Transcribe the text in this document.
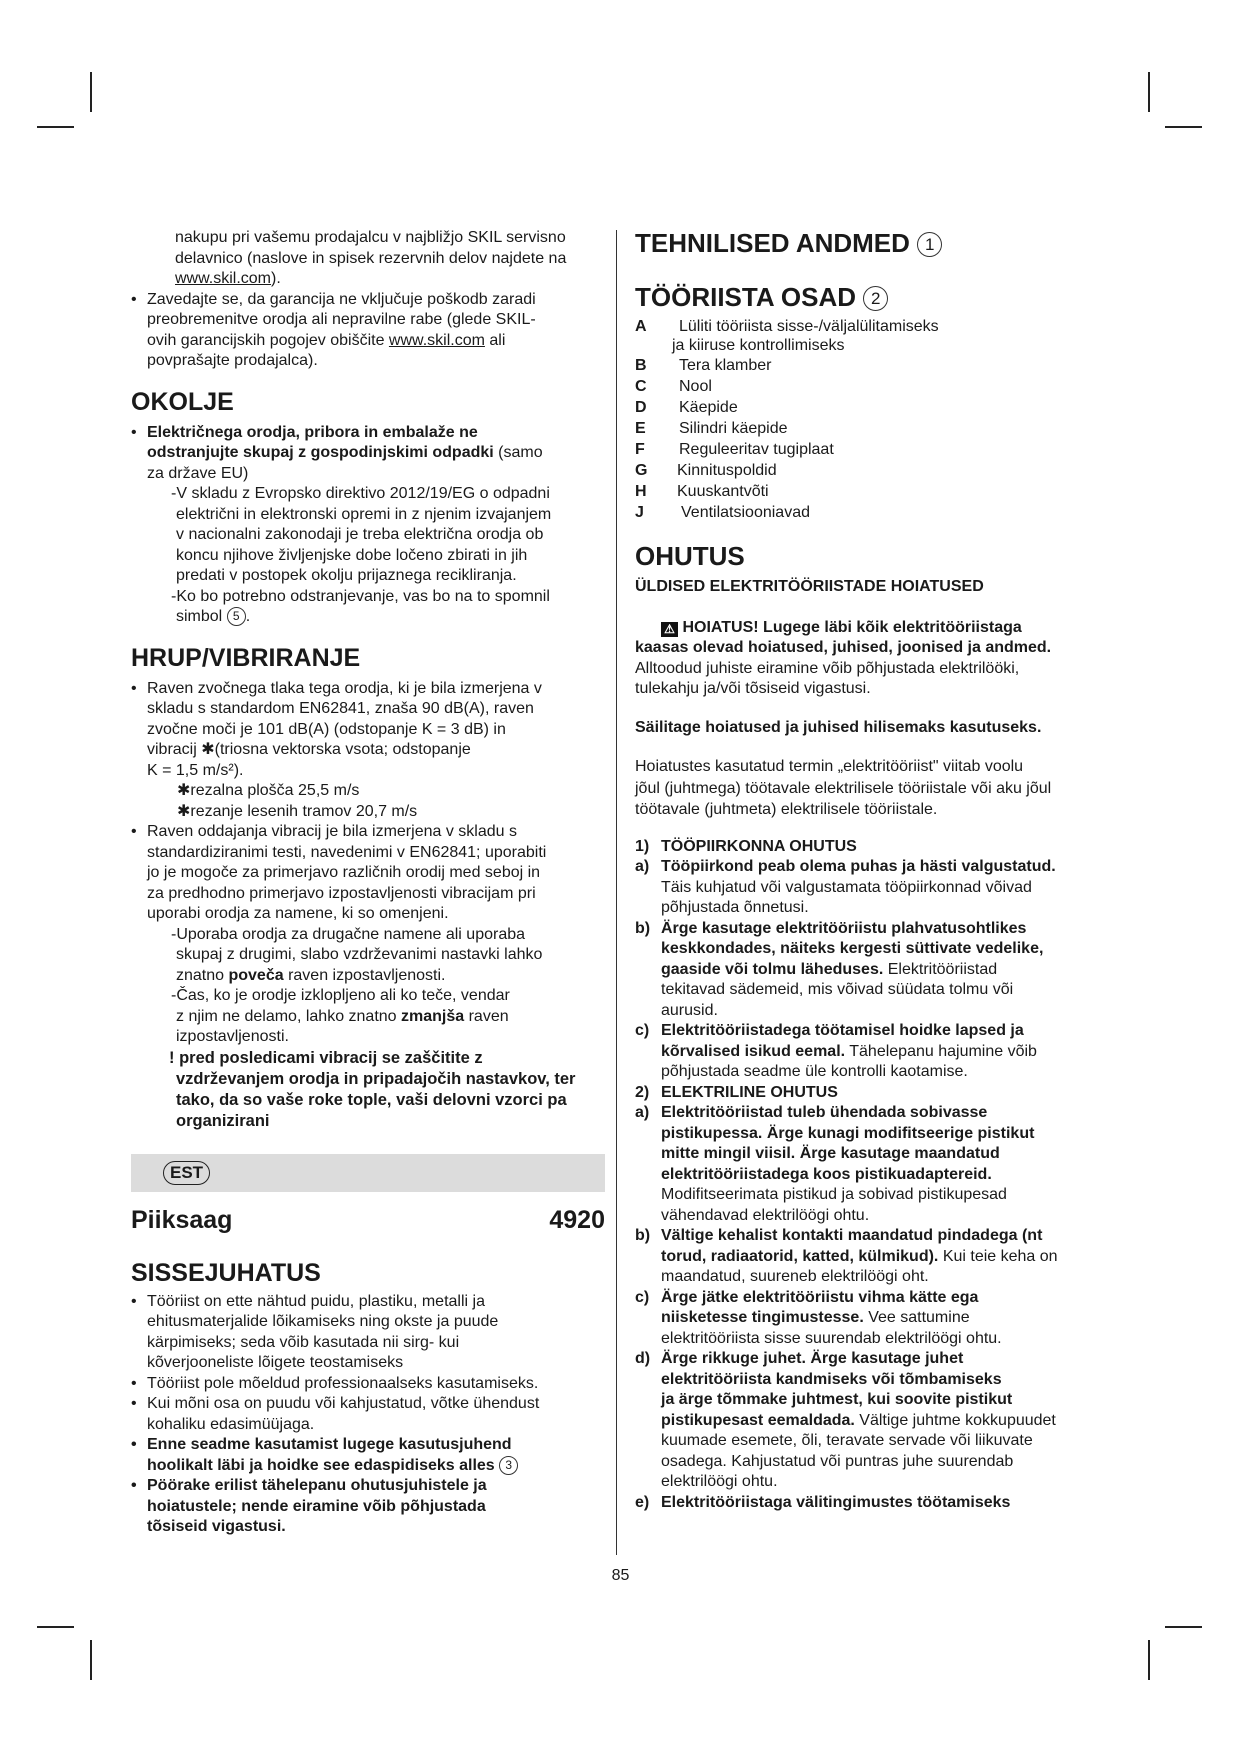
nakupu pri vašemu prodajalcu v najbližjo SKIL servisno
delavnico (naslove in spisek rezervnih delov najdete na
www.skil.com).
• Zavedajte se, da garancija ne vključuje poškodb zaradi
preobremenitve orodja ali nepravilne rabe (glede SKIL-
ovih garancijskih pogojev obiščite www.skil.com ali
povprašajte prodajalca).
OKOLJE
• Električnega orodja, pribora in embalaže ne
odstranjujte skupaj z gospodinjskimi odpadki (samo
za države EU)
-V skladu z Evropsko direktivo 2012/19/EG o odpadni
električni in elektronski opremi in z njenim izvajanjem
v nacionalni zakonodaji je treba električna orodja ob
koncu njihove življenjske dobe ločeno zbirati in jih
predati v postopek okolju prijaznega recikliranja.
-Ko bo potrebno odstranjevanje, vas bo na to spomnil
simbol 5 .
HRUP/VIBRIRANJE
• Raven zvočnega tlaka tega orodja, ki je bila izmerjena v
skladu s standardom EN62841, znaša 90 dB(A), raven
zvočne moči je 101 dB(A) (odstopanje K = 3 dB) in
vibracij ✱(triosna vektorska vsota; odstopanje
K = 1,5 m/s²).
✱rezalna plošča 25,5 m/s
✱rezanje lesenih tramov 20,7 m/s
• Raven oddajanja vibracij je bila izmerjena v skladu s
standardiziranimi testi, navedenimi v EN62841; uporabiti
jo je mogoče za primerjavo različnih orodij med seboj in
za predhodno primerjavo izpostavljenosti vibracijam pri
uporabi orodja za namene, ki so omenjeni.
-Uporaba orodja za drugačne namene ali uporaba
skupaj z drugimi, slabo vzdrževanimi nastavki lahko
znatno poveča raven izpostavljenosti.
-Čas, ko je orodje izklopljeno ali ko teče, vendar
z njim ne delamo, lahko znatno zmanjša raven
izpostavljenosti.
! pred posledicami vibracij se zaščitite z
vzdrževanjem orodja in pripadajočih nastavkov, ter
tako, da so vaše roke tople, vaši delovni vzorci pa
organizirani
EST
Piiksaag	4920
SISSEJUHATUS
• Tööriist on ette nähtud puidu, plastiku, metalli ja
ehitusmaterjalide lõikamiseks ning okste ja puude
kärpimiseks; seda võib kasutada nii sirg- kui
kõverjooneliste lõigete teostamiseks
• Tööriist pole mõeldud professionaalseks kasutamiseks.
• Kui mõni osa on puudu või kahjustatud, võtke ühendust
kohaliku edasimüüjaga.
• Enne seadme kasutamist lugege kasutusjuhend
hoolikalt läbi ja hoidke see edaspidiseks alles 3
• Pöörake erilist tähelepanu ohutusjuhistele ja
hoiatustele; nende eiramine võib põhjustada
tõsiseid vigastusi.
TEHNILISED ANDMED 1
TÖÖRIISTA OSAD 2
A	Lüliti tööriista sisse-/väljalülitamiseks
ja kiiruse kontrollimiseks
B	Tera klamber
C	Nool
D	Käepide
E	Silindri käepide
F	Reguleeritav tugiplaat
G	Kinnituspoldid
H	Kuuskantvõti
J	Ventilatsiooniavad
OHUTUS
ÜLDISED ELEKTRITÖÖRIISTADE HOIATUSED
⚠ HOIATUS! Lugege läbi kõik elektritööriistaga
kaasas olevad hoiatused, juhised, joonised ja andmed.
Alltoodud juhiste eiramine võib põhjustada elektrilööki,
tulekahju ja/või tõsiseid vigastusi.
Säilitage hoiatused ja juhised hilisemaks kasutuseks.
Hoiatustes kasutatud termin „elektritööriist" viitab voolu
jõul (juhtmega) töötavale elektrilisele tööriistale või aku jõul
töötavale (juhtmeta) elektrilisele tööriistale.
1) TÖÖPIIRKONNA OHUTUS
a) Tööpiirkond peab olema puhas ja hästi valgustatud.
Täis kuhjatud või valgustamata tööpiirkonnad võivad
põhjustada õnnetusi.
b) Ärge kasutage elektritööriistu plahvatusohtlikes
keskkondades, näiteks kergesti süttivate vedelike,
gaaside või tolmu läheduses. Elektritööriistad
tekitavad sädemeid, mis võivad süüdata tolmu või
aurusid.
c) Elektritööriistadega töötamisel hoidke lapsed ja
kõrvalised isikud eemal. Tähelepanu hajumine võib
põhjustada seadme üle kontrolli kaotamise.
2) ELEKTRILINE OHUTUS
a) Elektritööriistad tuleb ühendada sobivasse
pistikupessa. Ärge kunagi modifitseerige pistikut
mitte mingil viisil. Ärge kasutage maandatud
elektritööriistadega koos pistikuadaptereid.
Modifitseerimata pistikud ja sobivad pistikupesad
vähendavad elektrilöögi ohtu.
b) Vältige kehalist kontakti maandatud pindadega (nt
torud, radiaatorid, katted, külmikud). Kui teie keha on
maandatud, suureneb elektrilöögi oht.
c) Ärge jätke elektritööriistu vihma kätte ega
niisketesse tingimustesse. Vee sattumine
elektritööriista sisse suurendab elektrilöögi ohtu.
d) Ärge rikkuge juhet. Ärge kasutage juhet
elektritööriista kandmiseks või tõmbamiseks
ja ärge tõmmake juhtmest, kui soovite pistikut
pistikupesast eemaldada. Vältige juhtme kokkupuudet
kuumade esemete, õli, teravate servade või liikuvate
osadega. Kahjustatud või puntras juhe suurendab
elektrilöögi ohtu.
e) Elektritööriistaga välitingimustes töötamiseks
85
